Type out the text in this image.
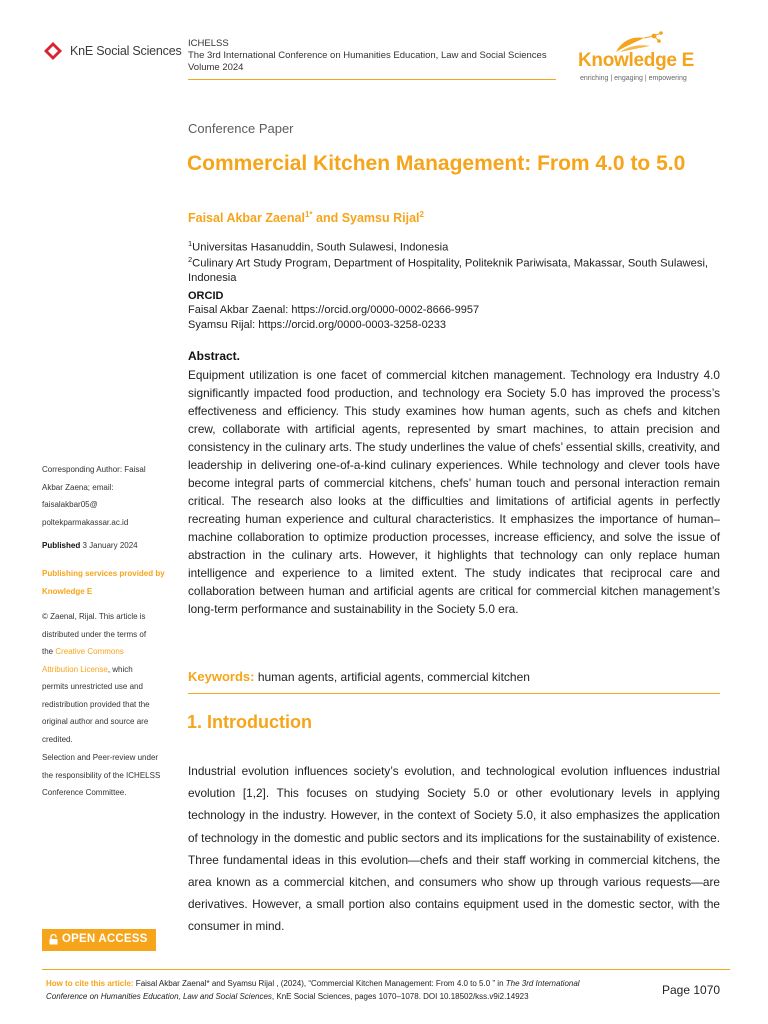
KnE Social Sciences
ICHELSS
The 3rd International Conference on Humanities Education, Law and Social Sciences
Volume 2024	Knowledge E
enriching | engaging | empowering
Conference Paper
Commercial Kitchen Management: From 4.0 to 5.0
Faisal Akbar Zaenal$^{1*}$ and Syamsu Rijal$^2$
$^1$Universitas Hasanuddin, South Sulawesi, Indonesia
$^2$Culinary Art Study Program, Department of Hospitality, Politeknik Pariwisata, Makassar, South Sulawesi, Indonesia
ORCID
Faisal Akbar Zaenal: https://orcid.org/0000-0002-8666-9957
Syamsu Rijal: https://orcid.org/0000-0003-3258-0233
Abstract.

Equipment utilization is one facet of commercial kitchen management. Technology era Industry 4.0 significantly impacted food production, and technology era Society 5.0 has improved the process’s effectiveness and efficiency. This study examines how human agents, such as chefs and kitchen crew, collaborate with artificial agents, represented by smart machines, to attain precision and consistency in the culinary arts. The study underlines the value of chefs’ essential skills, creativity, and leadership in delivering one-of-a-kind culinary experiences. While technology and clever tools have become integral parts of commercial kitchens, chefs’ human touch and personal interaction remain critical. The research also looks at the difficulties and limitations of artificial agents in perfectly recreating human experience and cultural characteristics. It emphasizes the importance of human–machine collaboration to optimize production processes, increase efficiency, and solve the issue of abstraction in the culinary arts. However, it highlights that technology can only replace human intelligence and experience to a limited extent. The study indicates that reciprocal care and collaboration between human and artificial agents are critical for commercial kitchen management’s long-term performance and sustainability in the Society 5.0 era.

Keywords: human agents, artificial agents, commercial kitchen
1. Introduction

Industrial evolution influences society’s evolution, and technological evolution influences industrial evolution [1,2]. This focuses on studying Society 5.0 or other evolutionary levels in applying technology in the industry. However, in the context of Society 5.0, it also emphasizes the application of technology in the domestic and public sectors and its implications for the sustainability of existence. Three fundamental ideas in this evolution—chefs and their staff working in commercial kitchens, the area known as a commercial kitchen, and consumers who show up through various requests—are derivatives. However, a small portion also contains equipment used in the domestic sector, with the consumer in mind.

Corresponding Author: Faisal
Akbar Zaena; email:
faisalakbar05@
poltekparmakassar.ac.id
Published 3 January 2024
Publishing services provided by
Knowledge E
© Zaenal, Rijal. This article is
distributed under the terms of
the Creative Commons
Attribution License, which
permits unrestricted use and
redistribution provided that the
original author and source are
credited.
Selection and Peer-review under
the responsibility of the ICHELSS
Conference Committee.
OPEN ACCESS
How to cite this article: Faisal Akbar Zaenal* and Syamsu Rijal , (2024), “Commercial Kitchen Management: From 4.0 to 5.0 ” in The 3rd International
Conference on Humanities Education, Law and Social Sciences, KnE Social Sciences, pages 1070–1078. DOI 10.18502/kss.v9i2.14923	Page 1070
